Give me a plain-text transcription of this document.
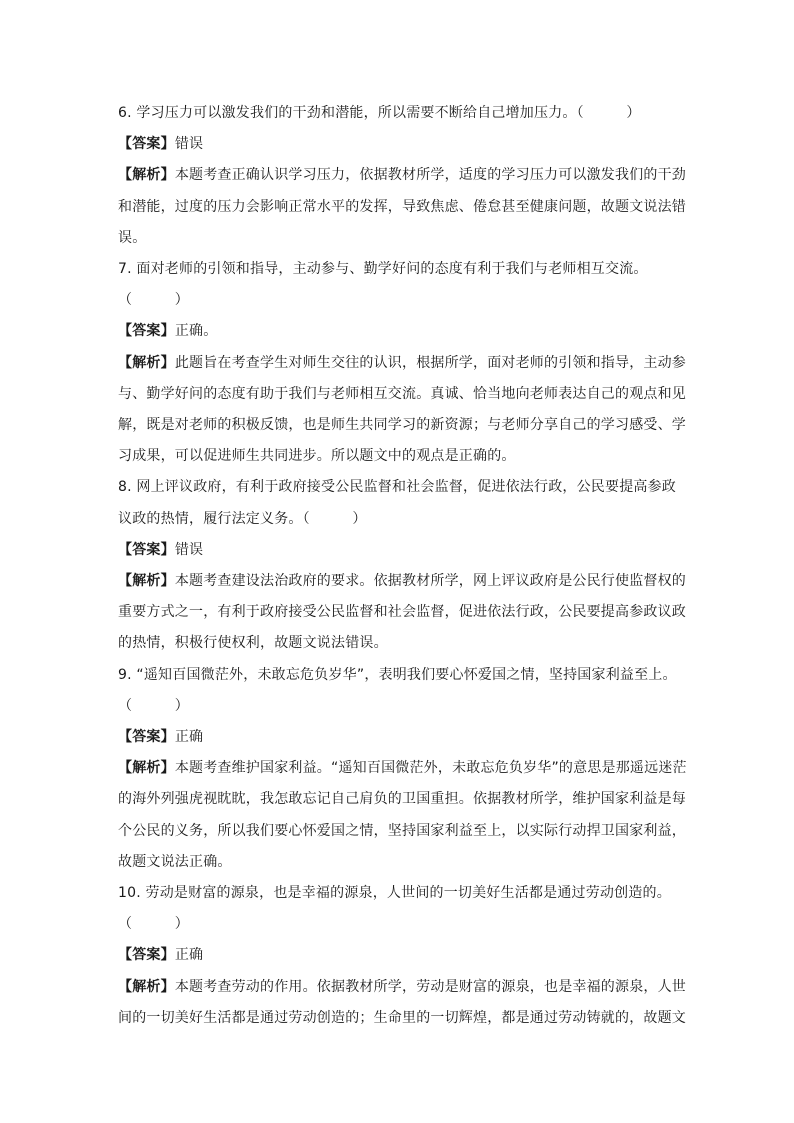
6. 学习压力可以激发我们的干劲和潜能，所以需要不断给自己增加压力。（　　　）
【答案】错误
【解析】本题考查正确认识学习压力，依据教材所学，适度的学习压力可以激发我们的干劲
和潜能，过度的压力会影响正常水平的发挥，导致焦虑、倦怠甚至健康问题，故题文说法错
误。
7. 面对老师的引领和指导，主动参与、勤学好问的态度有利于我们与老师相互交流。
（　　　）
【答案】正确。
【解析】此题旨在考查学生对师生交往的认识，根据所学，面对老师的引领和指导，主动参
与、勤学好问的态度有助于我们与老师相互交流。真诚、恰当地向老师表达自己的观点和见
解，既是对老师的积极反馈，也是师生共同学习的新资源；与老师分享自己的学习感受、学
习成果，可以促进师生共同进步。所以题文中的观点是正确的。
8. 网上评议政府，有利于政府接受公民监督和社会监督，促进依法行政，公民要提高参政
议政的热情，履行法定义务。（　　　）
【答案】错误
【解析】本题考查建设法治政府的要求。依据教材所学，网上评议政府是公民行使监督权的
重要方式之一，有利于政府接受公民监督和社会监督，促进依法行政，公民要提高参政议政
的热情，积极行使权利，故题文说法错误。
9. “遥知百国微茫外，未敢忘危负岁华”，表明我们要心怀爱国之情，坚持国家利益至上。
（　　　）
【答案】正确
【解析】本题考查维护国家利益。“遥知百国微茫外，未敢忘危负岁华”的意思是那遥远迷茫
的海外列强虎视眈眈，我怎敢忘记自己肩负的卫国重担。依据教材所学，维护国家利益是每
个公民的义务，所以我们要心怀爱国之情，坚持国家利益至上，以实际行动捍卫国家利益，
故题文说法正确。
10. 劳动是财富的源泉，也是幸福的源泉，人世间的一切美好生活都是通过劳动创造的。
（　　　）
【答案】正确
【解析】本题考查劳动的作用。依据教材所学，劳动是财富的源泉，也是幸福的源泉，人世
间的一切美好生活都是通过劳动创造的；生命里的一切辉煌，都是通过劳动铸就的，故题文
